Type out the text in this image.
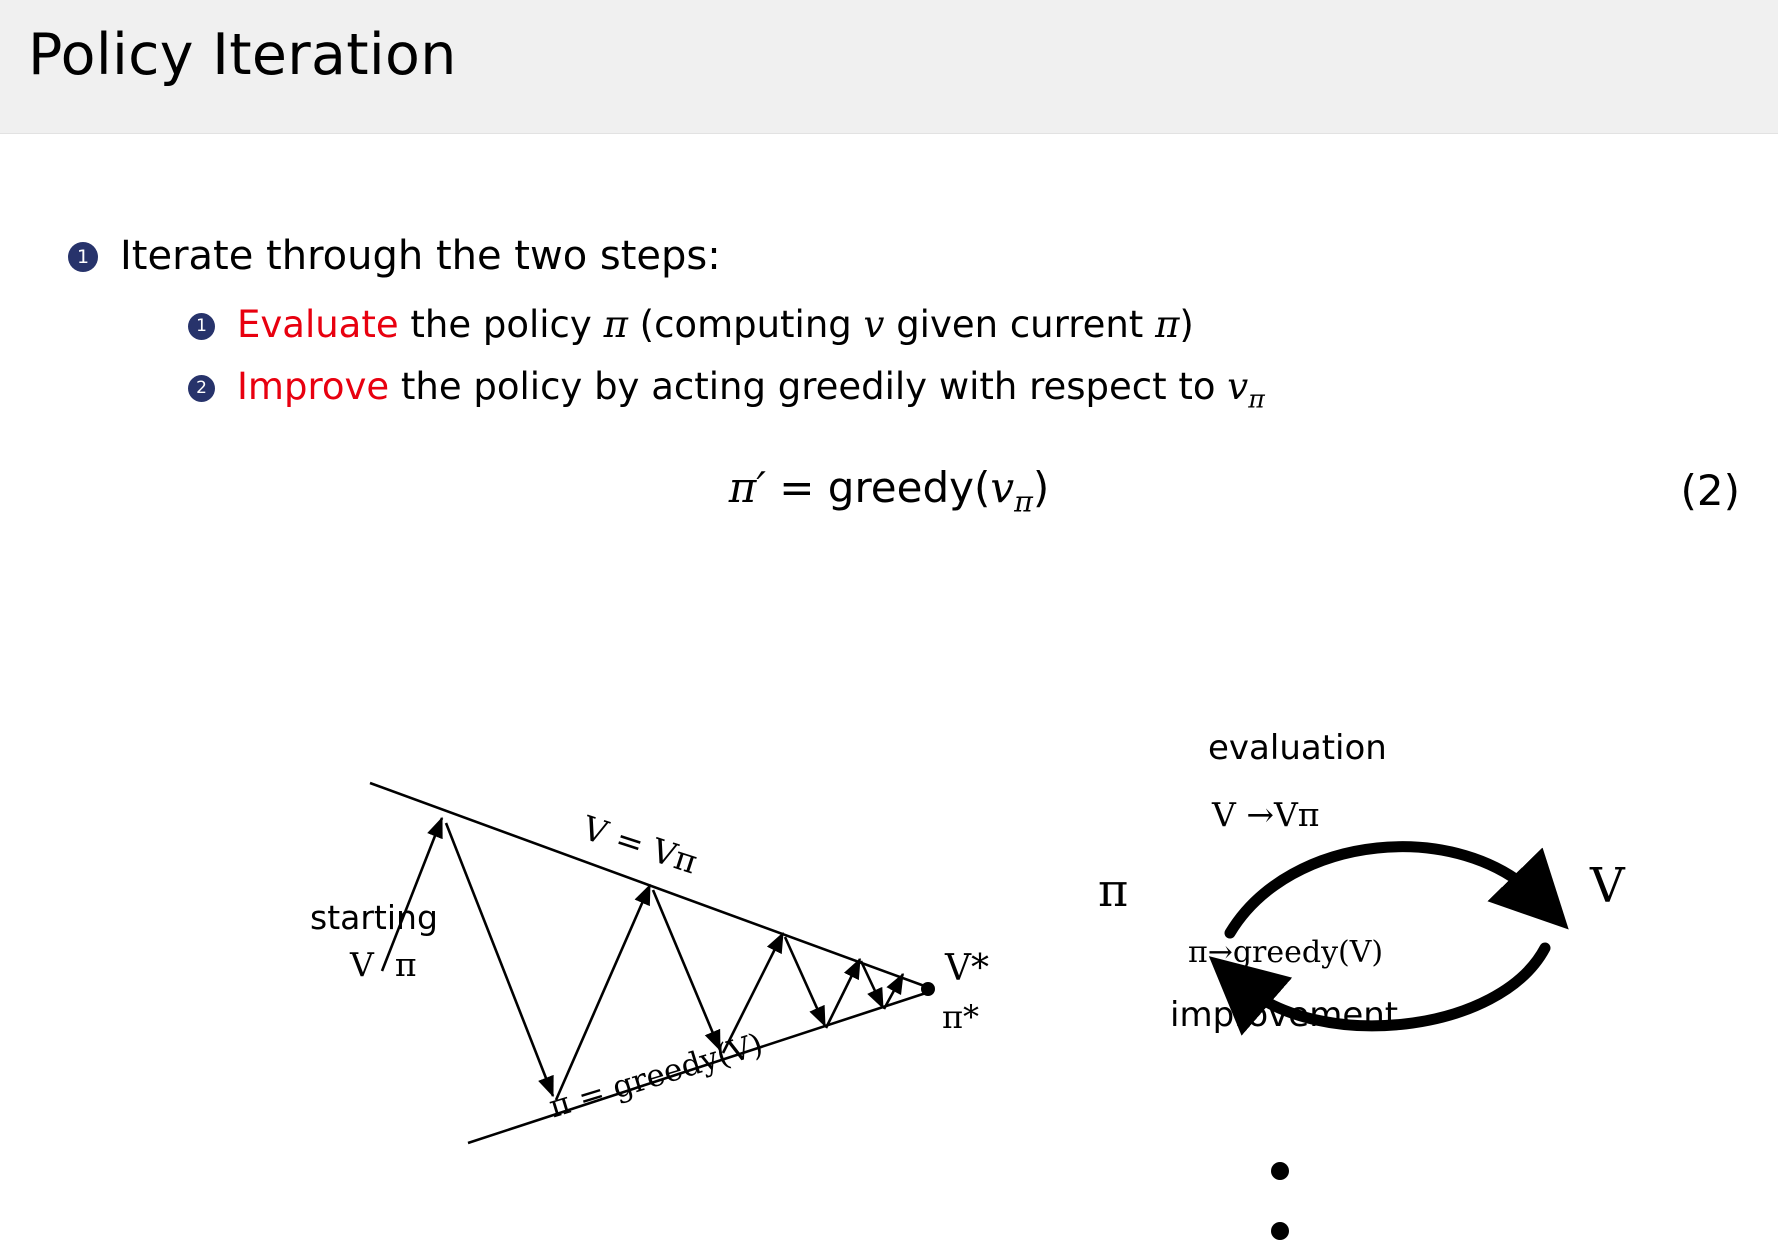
Policy Iteration
1 Iterate through the two steps:
1 Evaluate the policy π (computing v given current π)
2 Improve the policy by acting greedily with respect to $v_\pi$
$\pi' = greedy(v_\pi)$	(2)
starting
V π
V = Vπ
π = greedy(V)
V*
π*
evaluation
V →Vπ
π	V
π→greedy(V)
improvement
